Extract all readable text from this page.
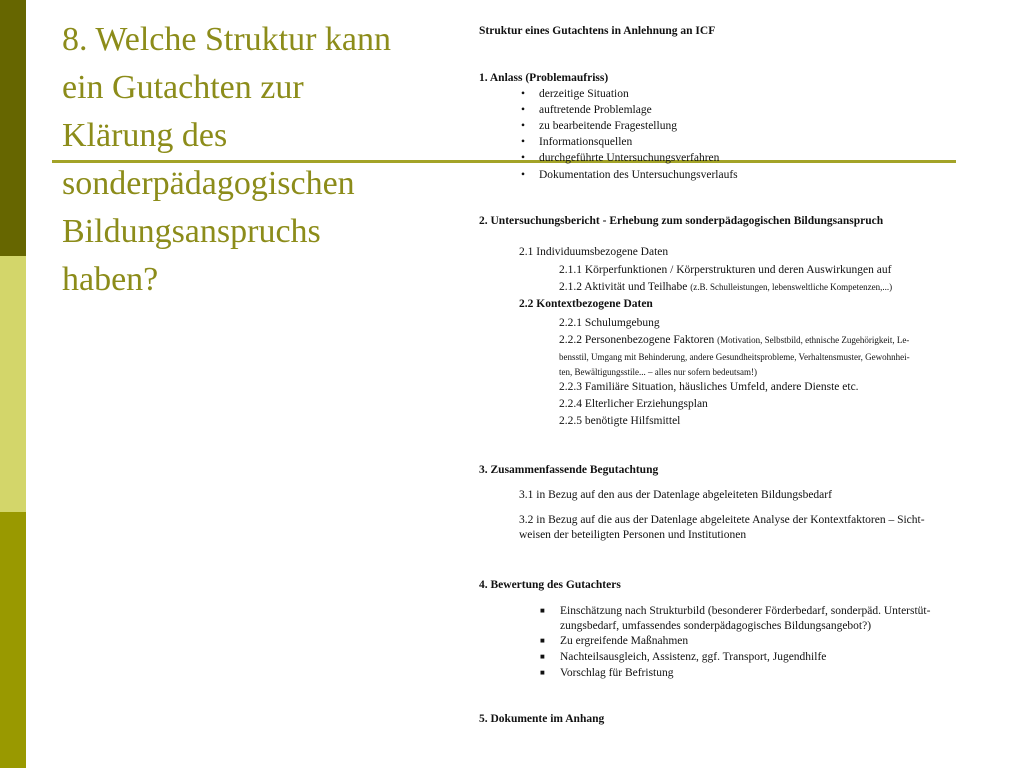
8. Welche Struktur kann
ein Gutachten zur
Klärung des
sonderpädagogischen
Bildungsanspruchs
haben?
Struktur eines Gutachtens in Anlehnung an ICF
1. Anlass (Problemaufriss)
• derzeitige Situation
• auftretende Problemlage
• zu bearbeitende Fragestellung
• Informationsquellen
• durchgeführte Untersuchungsverfahren
• Dokumentation des Untersuchungsverlaufs
2. Untersuchungsbericht - Erhebung zum sonderpädagogischen Bildungsanspruch
2.1 Individuumsbezogene Daten
2.1.1 Körperfunktionen / Körperstrukturen und deren Auswirkungen auf
2.1.2 Aktivität und Teilhabe (z.B. Schulleistungen, lebensweltliche Kompetenzen,...)
2.2 Kontextbezogene Daten
2.2.1 Schulumgebung
2.2.2 Personenbezogene Faktoren (Motivation, Selbstbild, ethnische Zugehörigkeit, Le-
bensstil, Umgang mit Behinderung, andere Gesundheitsprobleme, Verhaltensmuster, Gewohnhei-
ten, Bewältigungsstile... – alles nur sofern bedeutsam!)
2.2.3 Familiäre Situation, häusliches Umfeld, andere Dienste etc.
2.2.4 Elterlicher Erziehungsplan
2.2.5 benötigte Hilfsmittel
3. Zusammenfassende Begutachtung
3.1 in Bezug auf den aus der Datenlage abgeleiteten Bildungsbedarf
3.2 in Bezug auf die aus der Datenlage abgeleitete Analyse der Kontextfaktoren – Sicht-
weisen der beteiligten Personen und Institutionen
4. Bewertung des Gutachters
■ Einschätzung nach Strukturbild (besonderer Förderbedarf, sonderpäd. Unterstüt-
zungsbedarf, umfassendes sonderpädagogisches Bildungsangebot?)
■ Zu ergreifende Maßnahmen
■ Nachteilsausgleich, Assistenz, ggf. Transport, Jugendhilfe
■ Vorschlag für Befristung
5. Dokumente im Anhang
